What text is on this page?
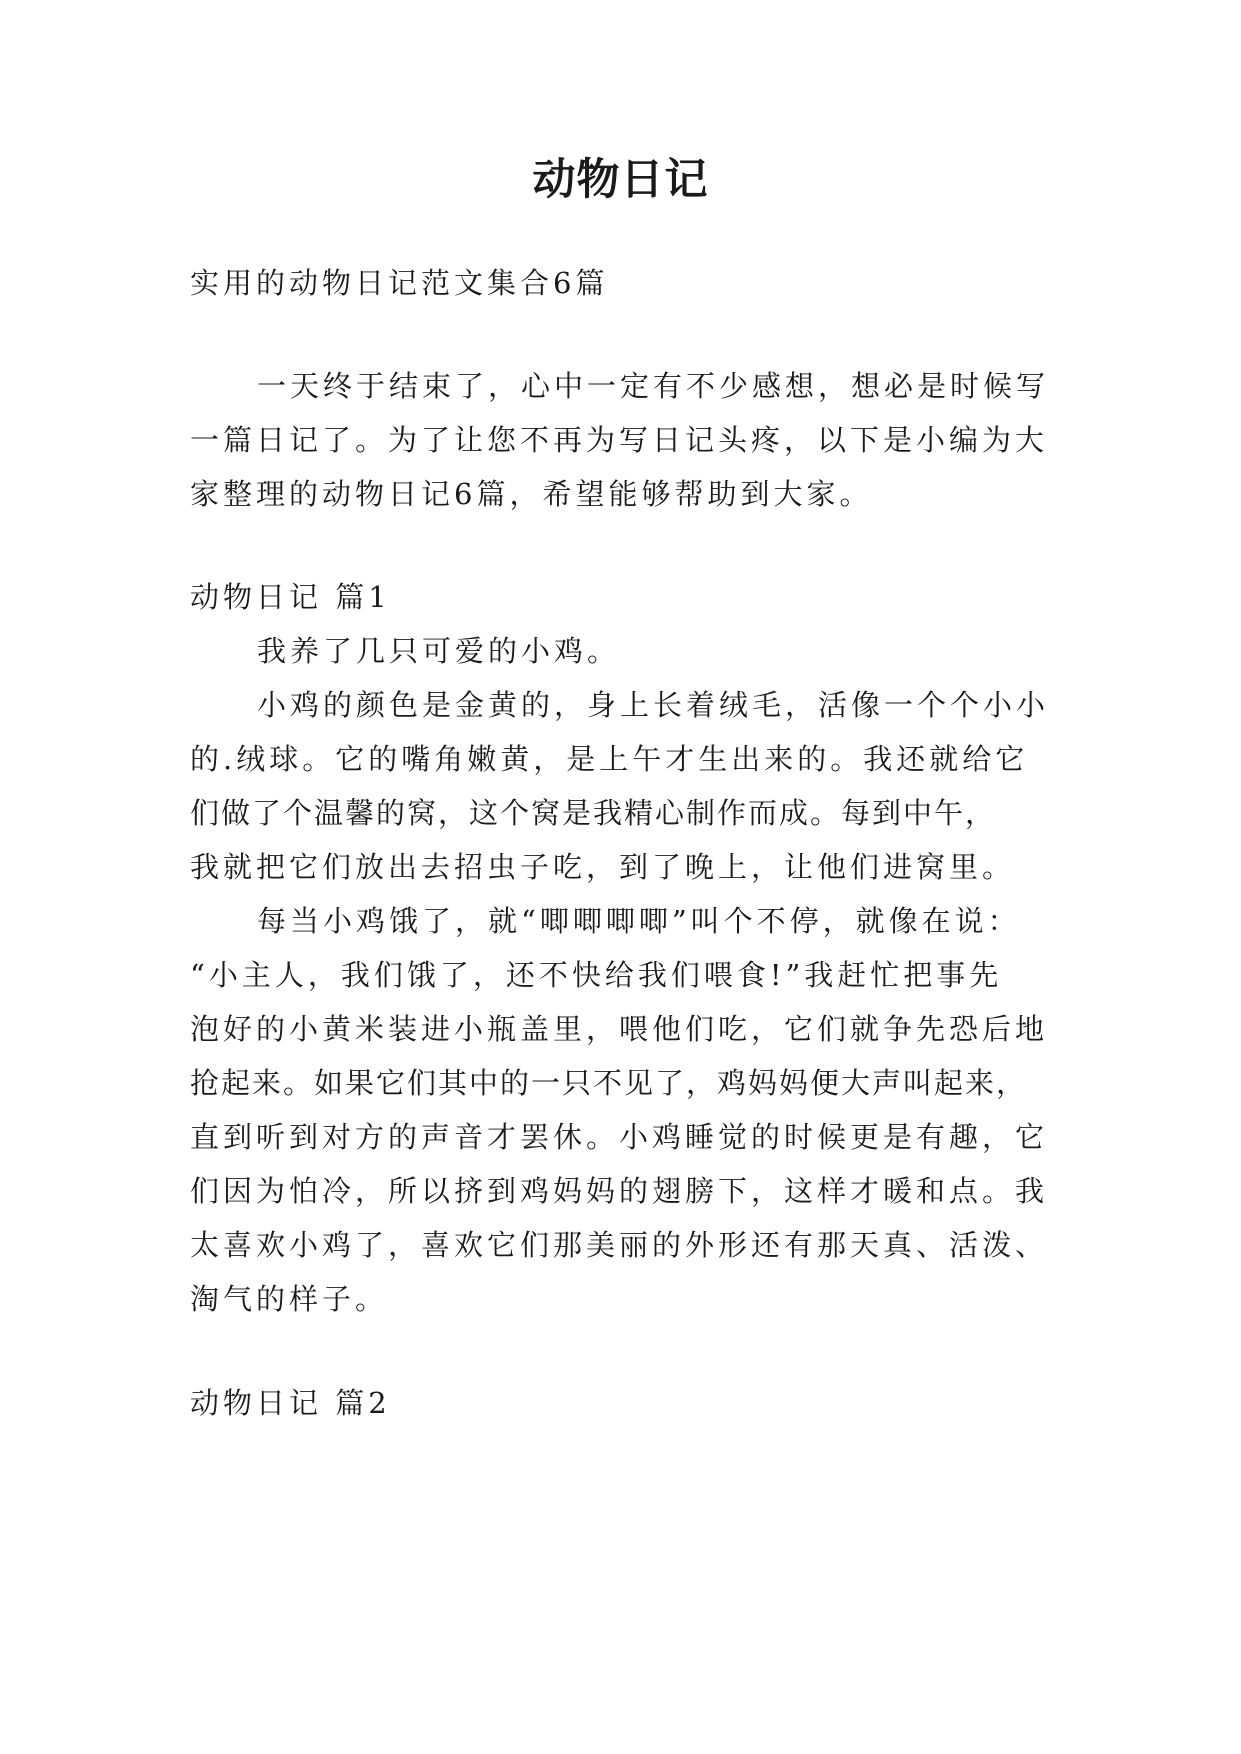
动物日记
实用的动物日记范文集合6篇
一天终于结束了，心中一定有不少感想，想必是时候写
一篇日记了。为了让您不再为写日记头疼，以下是小编为大
家整理的动物日记6篇，希望能够帮助到大家。
动物日记 篇1
我养了几只可爱的小鸡。
小鸡的颜色是金黄的，身上长着绒毛，活像一个个小小
的.绒球。它的嘴角嫩黄，是上午才生出来的。我还就给它
们做了个温馨的窝，这个窝是我精心制作而成。每到中午，
我就把它们放出去招虫子吃，到了晚上，让他们进窝里。
每当小鸡饿了，就“唧唧唧唧”叫个不停，就像在说：
“小主人，我们饿了，还不快给我们喂食!”我赶忙把事先
泡好的小黄米装进小瓶盖里，喂他们吃，它们就争先恐后地
抢起来。如果它们其中的一只不见了，鸡妈妈便大声叫起来，
直到听到对方的声音才罢休。小鸡睡觉的时候更是有趣，它
们因为怕冷，所以挤到鸡妈妈的翅膀下，这样才暖和点。我
太喜欢小鸡了，喜欢它们那美丽的外形还有那天真、活泼、
淘气的样子。
动物日记 篇2
